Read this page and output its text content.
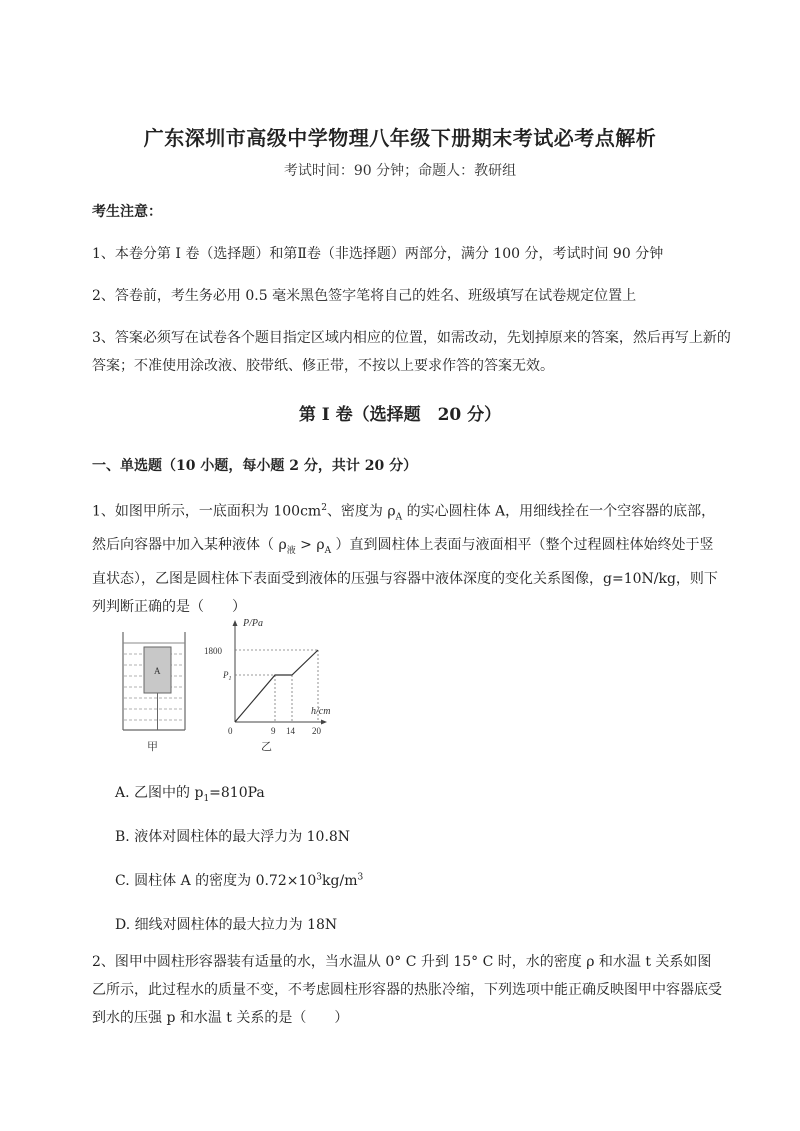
广东深圳市高级中学物理八年级下册期末考试必考点解析
考试时间：90 分钟；命题人：教研组
考生注意：
1、本卷分第 I 卷（选择题）和第Ⅱ卷（非选择题）两部分，满分 100 分，考试时间 90 分钟
2、答卷前，考生务必用 0.5 毫米黑色签字笔将自己的姓名、班级填写在试卷规定位置上
3、答案必须写在试卷各个题目指定区域内相应的位置，如需改动，先划掉原来的答案，然后再写上新的答案；不准使用涂改液、胶带纸、修正带，不按以上要求作答的答案无效。
第 I 卷（选择题　20 分）
一、单选题（10 小题，每小题 2 分，共计 20 分）
1、如图甲所示，一底面积为 $100cm^2$、密度为 $\rho_A$ 的实心圆柱体 A，用细线拴在一个空容器的底部，然后向容器中加入某种液体（ $\rho_液 > \rho_A$ ）直到圆柱体上表面与液面相平（整个过程圆柱体始终处于竖直状态），乙图是圆柱体下表面受到液体的压强与容器中液体深度的变化关系图像，g=10N/kg，则下列判断正确的是（　　）
A
甲
P/Pa
h/cm
1800
$P_1$
0	9 14 20
乙
A. 乙图中的 $p_1=810Pa$
B. 液体对圆柱体的最大浮力为 10.8N
C. 圆柱体 A 的密度为 $0.72\times 10^3kg/m^3$
D. 细线对圆柱体的最大拉力为 18N
2、图甲中圆柱形容器装有适量的水，当水温从 0° C 升到 15° C 时，水的密度 ρ 和水温 t 关系如图乙所示，此过程水的质量不变，不考虑圆柱形容器的热胀冷缩，下列选项中能正确反映图甲中容器底受到水的压强 p 和水温 t 关系的是（　　）
